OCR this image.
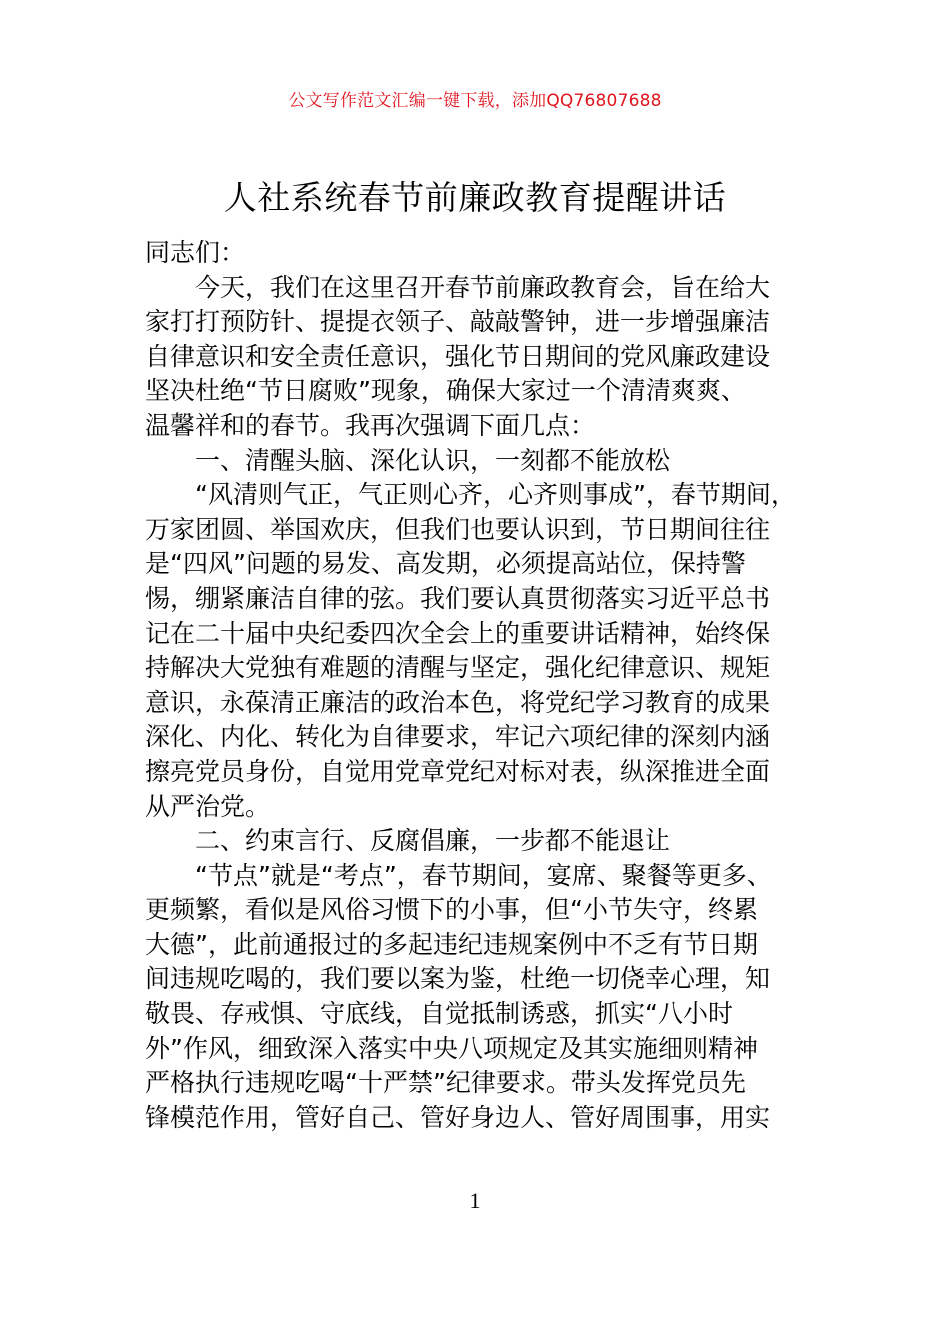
公文写作范文汇编一键下载，添加QQ76807688
人社系统春节前廉政教育提醒讲话
同志们：
　　今天，我们在这里召开春节前廉政教育会，旨在给大
家打打预防针、提提衣领子、敲敲警钟，进一步增强廉洁
自律意识和安全责任意识，强化节日期间的党风廉政建设
坚决杜绝“节日腐败”现象，确保大家过一个清清爽爽、
温馨祥和的春节。我再次强调下面几点：
　　一、清醒头脑、深化认识，一刻都不能放松
　　“风清则气正，气正则心齐，心齐则事成”，春节期间，
万家团圆、举国欢庆，但我们也要认识到，节日期间往往
是“四风”问题的易发、高发期，必须提高站位，保持警
惕，绷紧廉洁自律的弦。我们要认真贯彻落实习近平总书
记在二十届中央纪委四次全会上的重要讲话精神，始终保
持解决大党独有难题的清醒与坚定，强化纪律意识、规矩
意识，永葆清正廉洁的政治本色，将党纪学习教育的成果
深化、内化、转化为自律要求，牢记六项纪律的深刻内涵
擦亮党员身份，自觉用党章党纪对标对表，纵深推进全面
从严治党。
　　二、约束言行、反腐倡廉，一步都不能退让
　　“节点”就是“考点”，春节期间，宴席、聚餐等更多、
更频繁，看似是风俗习惯下的小事，但“小节失守，终累
大德”，此前通报过的多起违纪违规案例中不乏有节日期
间违规吃喝的，我们要以案为鉴，杜绝一切侥幸心理，知
敬畏、存戒惧、守底线，自觉抵制诱惑，抓实“八小时
外”作风，细致深入落实中央八项规定及其实施细则精神
严格执行违规吃喝“十严禁”纪律要求。带头发挥党员先
锋模范作用，管好自己、管好身边人、管好周围事，用实
1
